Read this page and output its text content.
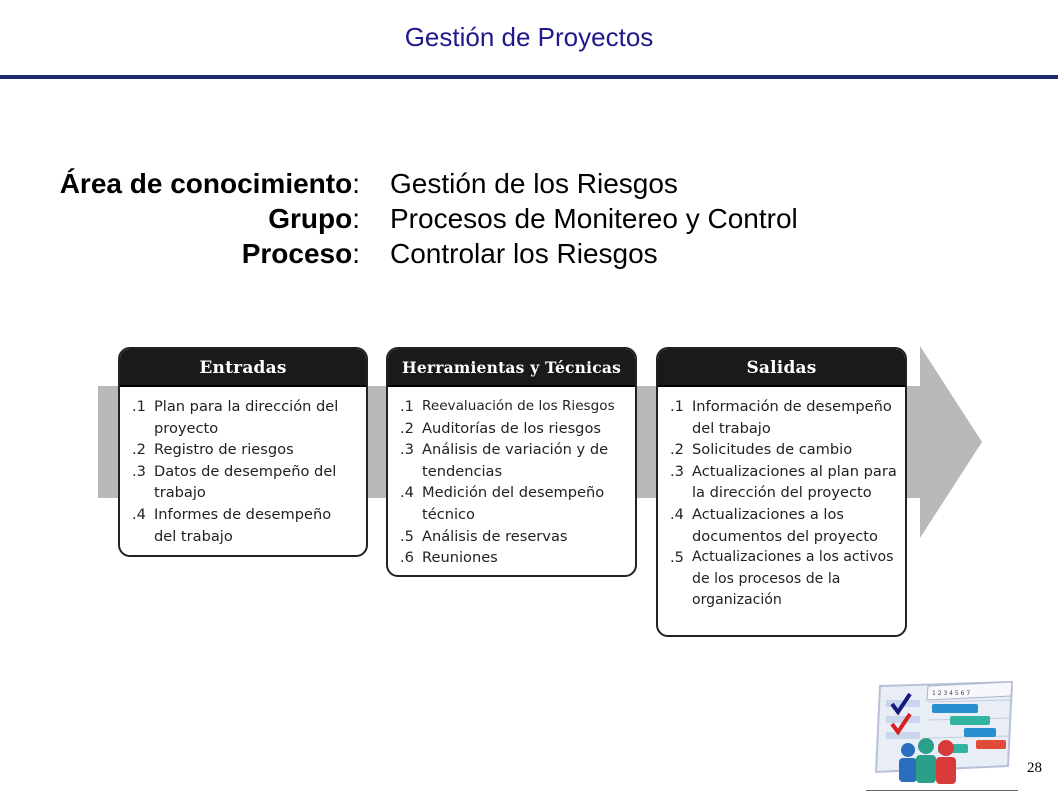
Gestión de Proyectos
Área de conocimiento: Gestión de los Riesgos
Grupo: Procesos de Monitereo y Control
Proceso: Controlar los Riesgos
Entradas
.1 Plan para la dirección del proyecto
.2 Registro de riesgos
.3 Datos de desempeño del trabajo
.4 Informes de desempeño del trabajo
Herramientas y Técnicas
.1 Reevaluación de los Riesgos
.2 Auditorías de los riesgos
.3 Análisis de variación y de tendencias
.4 Medición del desempeño técnico
.5 Análisis de reservas
.6 Reuniones
Salidas
.1 Información de desempeño del trabajo
.2 Solicitudes de cambio
.3 Actualizaciones al plan para la dirección del proyecto
.4 Actualizaciones a los documentos del proyecto
.5 Actualizaciones a los activos de los procesos de la organización
1 2 3 4 5 6 7
28
